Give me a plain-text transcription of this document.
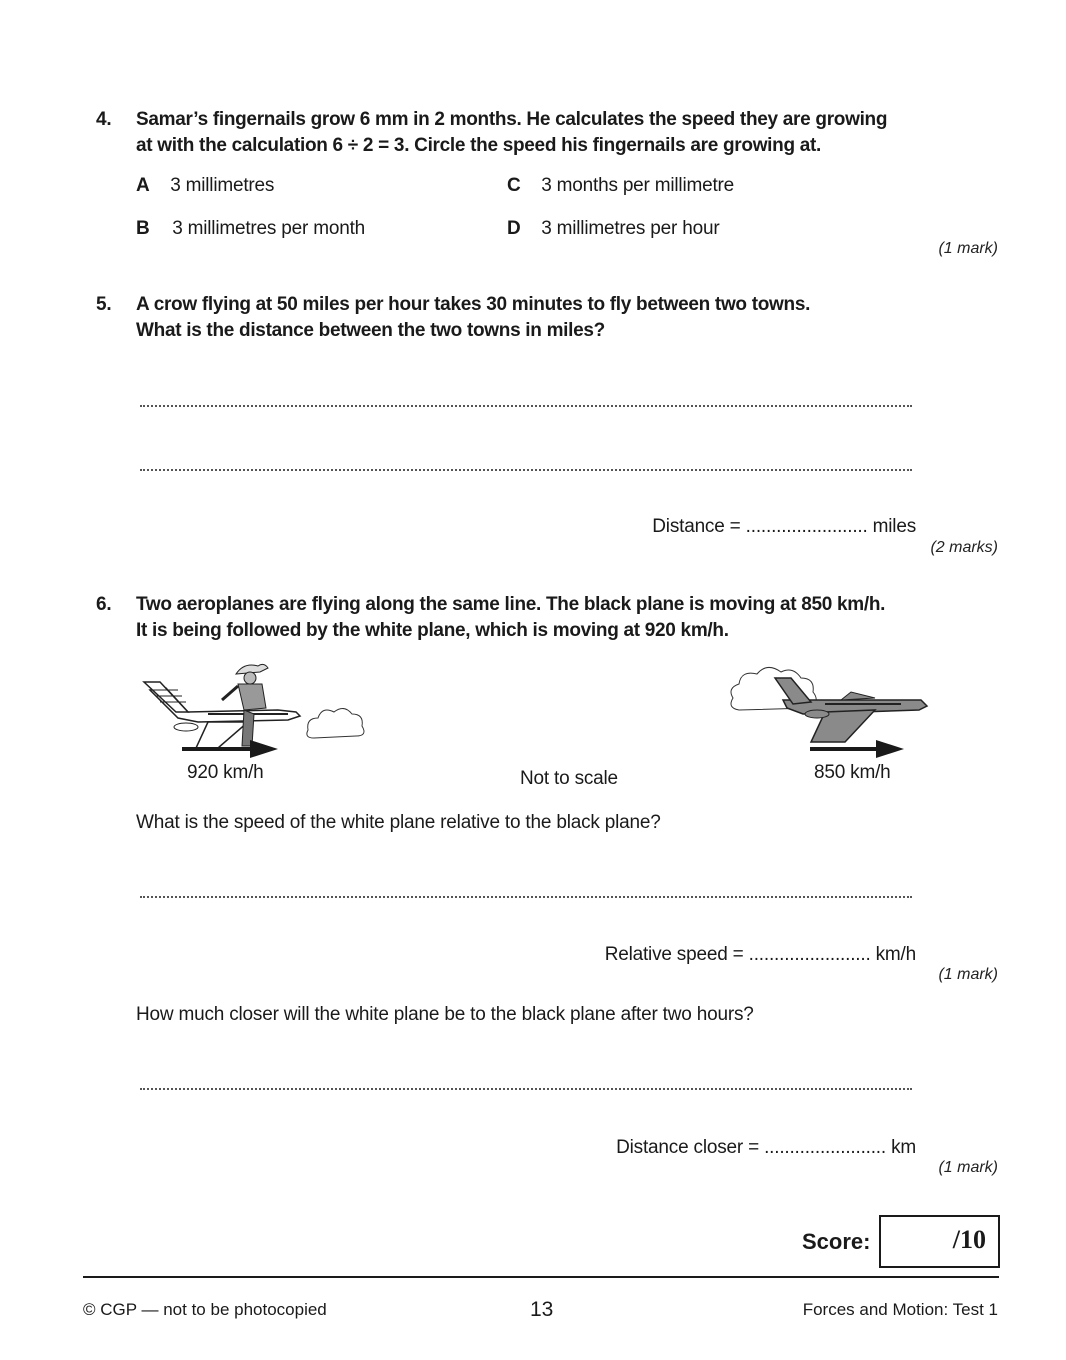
4. Samar’s fingernails grow 6 mm in 2 months. He calculates the speed they are growing
at with the calculation 6 ÷ 2 = 3. Circle the speed his fingernails are growing at.
A 3 millimetres
B 3 millimetres per month
C 3 months per millimetre
D 3 millimetres per hour
(1 mark)
5. A crow flying at 50 miles per hour takes 30 minutes to fly between two towns.
What is the distance between the two towns in miles?
Distance = ........................ miles
(2 marks)
6. Two aeroplanes are flying along the same line. The black plane is moving at 850 km/h.
It is being followed by the white plane, which is moving at 920 km/h.
920 km/h	Not to scale	850 km/h
What is the speed of the white plane relative to the black plane?
Relative speed = ........................ km/h
(1 mark)
How much closer will the white plane be to the black plane after two hours?
Distance closer = ........................ km
(1 mark)
Score:	/10
© CGP — not to be photocopied	13	Forces and Motion: Test 1
